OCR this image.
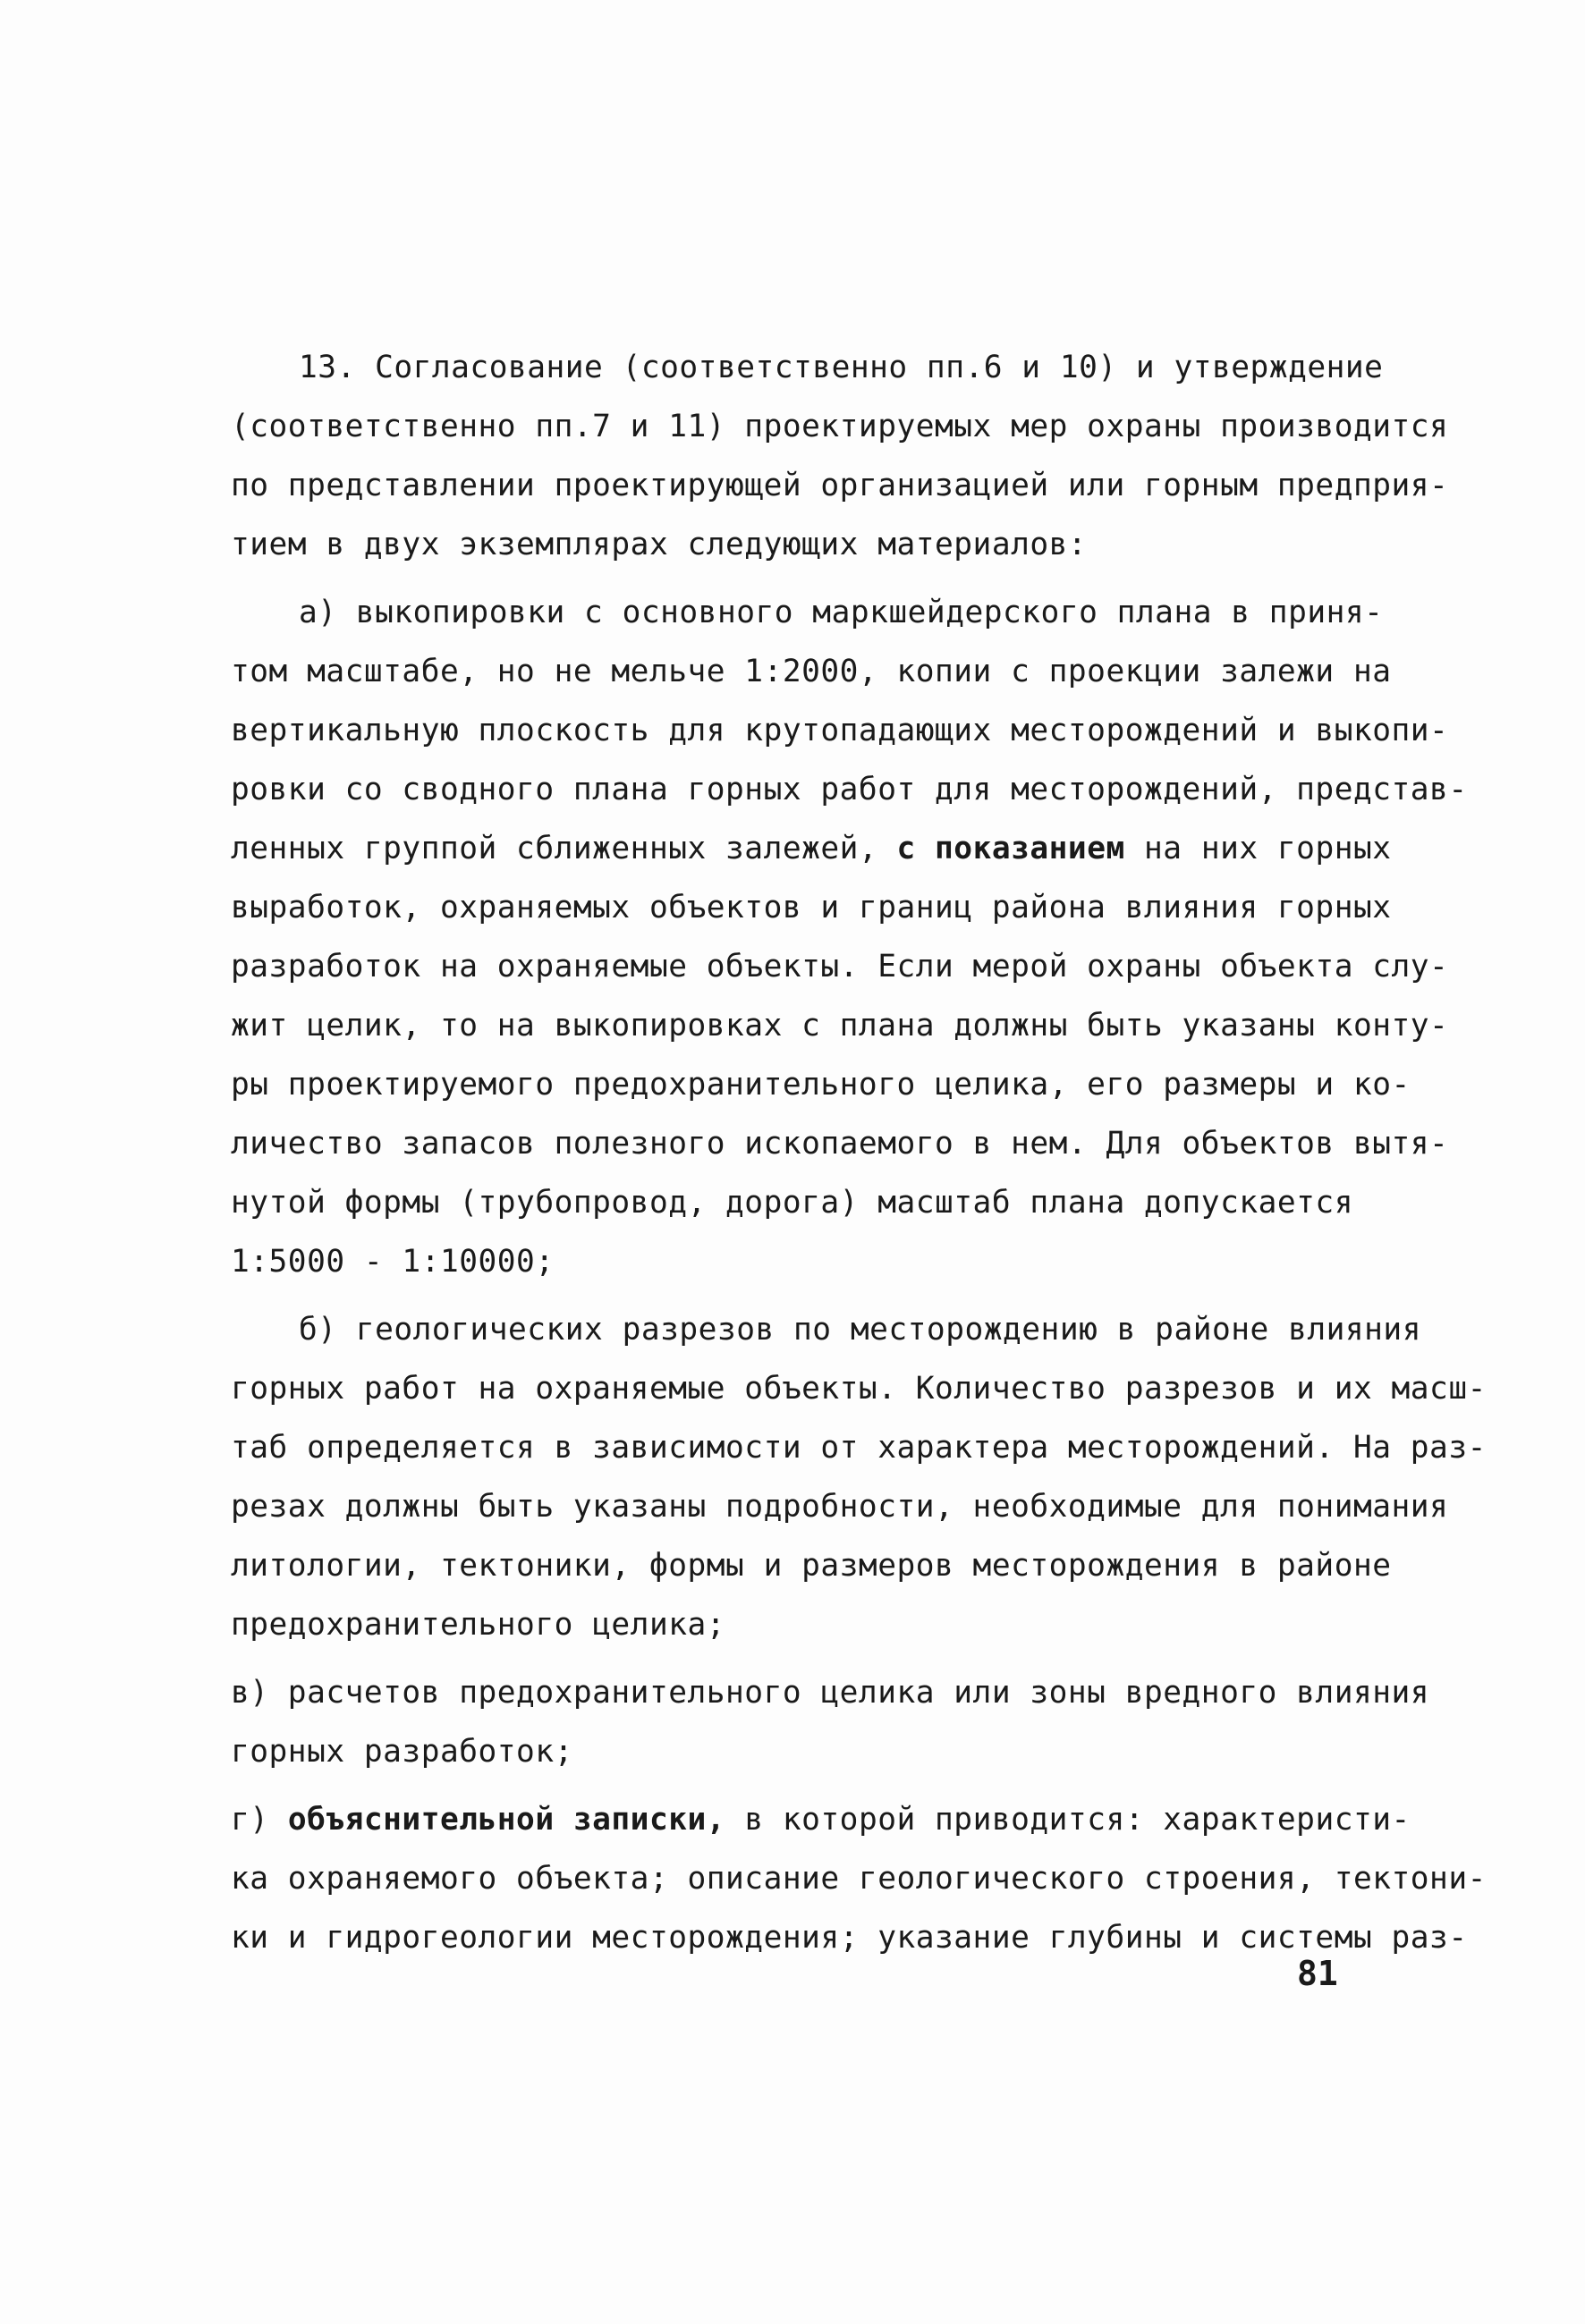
13. Согласование (соответственно пп.6 и 10) и утверждение
(соответственно пп.7 и 11) проектируемых мер охраны производится
по представлении проектирующей организацией или горным предприя-
тием в двух экземплярах следующих материалов:
а) выкопировки с основного маркшейдерского плана в приня-
том масштабе, но не мельче 1:2000, копии с проекции залежи на
вертикальную плоскость для крутопадающих месторождений и выкопи-
ровки со сводного плана горных работ для месторождений, представ-
ленных группой сближенных залежей, с показанием на них горных
выработок, охраняемых объектов и границ района влияния горных
разработок на охраняемые объекты. Если мерой охраны объекта слу-
жит целик, то на выкопировках с плана должны быть указаны конту-
ры проектируемого предохранительного целика, его размеры и ко-
личество запасов полезного ископаемого в нем. Для объектов вытя-
нутой формы (трубопровод, дорога) масштаб плана допускается
1:5000 - 1:10000;
б) геологических разрезов по месторождению в районе влияния
горных работ на охраняемые объекты. Количество разрезов и их масш-
таб определяется в зависимости от характера месторождений. На раз-
резах должны быть указаны подробности, необходимые для понимания
литологии, тектоники, формы и размеров месторождения в районе
предохранительного целика;
в) расчетов предохранительного целика или зоны вредного влияния
горных разработок;
г) объяснительной записки, в которой приводится: характеристи-
ка охраняемого объекта; описание геологического строения, тектони-
ки и гидрогеологии месторождения; указание глубины и системы раз-
81
